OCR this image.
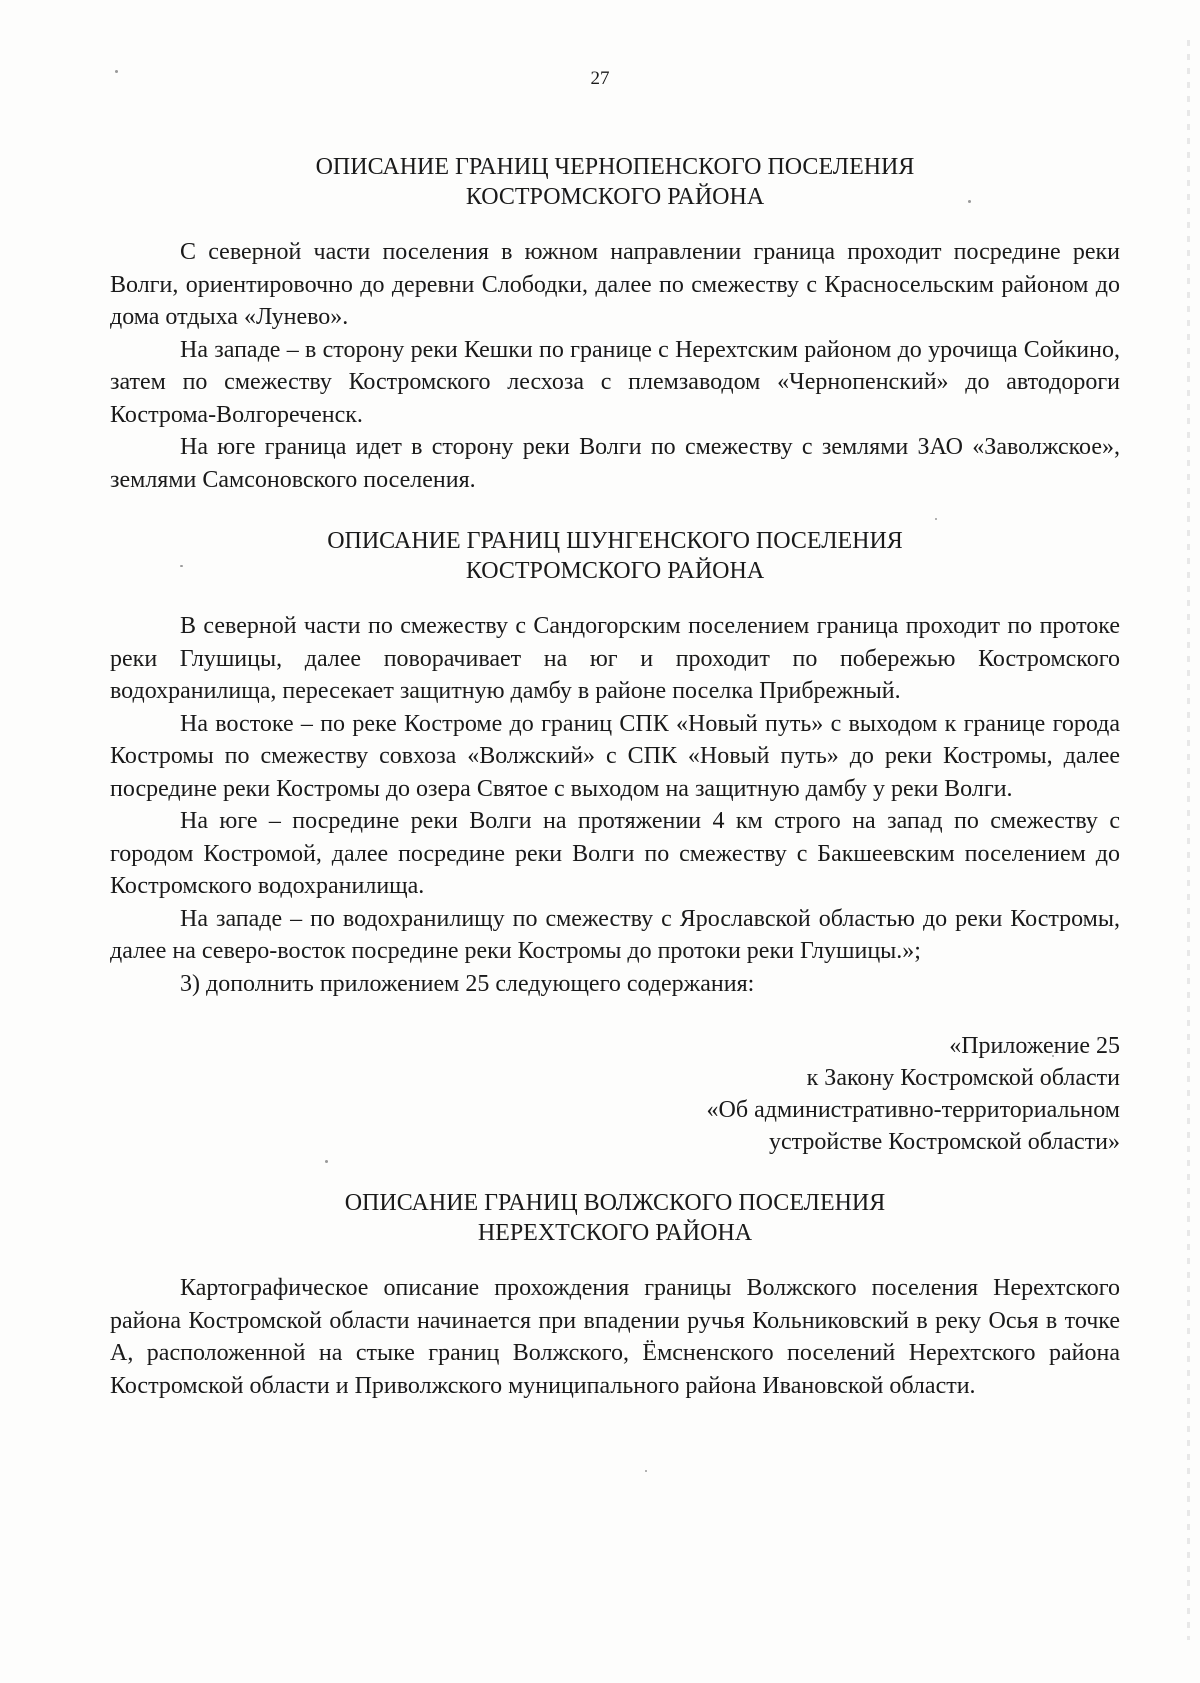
27
ОПИСАНИЕ ГРАНИЦ ЧЕРНОПЕНСКОГО ПОСЕЛЕНИЯ
КОСТРОМСКОГО РАЙОНА

С северной части поселения в южном направлении граница проходит посредине реки Волги, ориентировочно до деревни Слободки, далее по смежеству с Красносельским районом до дома отдыха «Лунево».

На западе – в сторону реки Кешки по границе с Нерехтским районом до урочища Сойкино, затем по смежеству Костромского лесхоза с племзаводом «Чернопенский» до автодороги Кострома-Волгореченск.

На юге граница идет в сторону реки Волги по смежеству с землями ЗАО «Заволжское», землями Самсоновского поселения.

ОПИСАНИЕ ГРАНИЦ ШУНГЕНСКОГО ПОСЕЛЕНИЯ
КОСТРОМСКОГО РАЙОНА

В северной части по смежеству с Сандогорским поселением граница проходит по протоке реки Глушицы, далее поворачивает на юг и проходит по побережью Костромского водохранилища, пересекает защитную дамбу в районе поселка Прибрежный.

На востоке – по реке Костроме до границ СПК «Новый путь» с выходом к границе города Костромы по смежеству совхоза «Волжский» с СПК «Новый путь» до реки Костромы, далее посредине реки Костромы до озера Святое с выходом на защитную дамбу у реки Волги.

На юге – посредине реки Волги на протяжении 4 км строго на запад по смежеству с городом Костромой, далее посредине реки Волги по смежеству с Бакшеевским поселением до Костромского водохранилища.

На западе – по водохранилищу по смежеству с Ярославской областью до реки Костромы, далее на северо-восток посредине реки Костромы до протоки реки Глушицы.»;

3) дополнить приложением 25 следующего содержания:

«Приложение 25
к Закону Костромской области
«Об административно-территориальном
устройстве Костромской области»
ОПИСАНИЕ ГРАНИЦ ВОЛЖСКОГО ПОСЕЛЕНИЯ
НЕРЕХТСКОГО РАЙОНА

Картографическое описание прохождения границы Волжского поселения Нерехтского района Костромской области начинается при впадении ручья Кольниковский в реку Осья в точке А, расположенной на стыке границ Волжского, Ёмсненского поселений Нерехтского района Костромской области и Приволжского муниципального района Ивановской области.
